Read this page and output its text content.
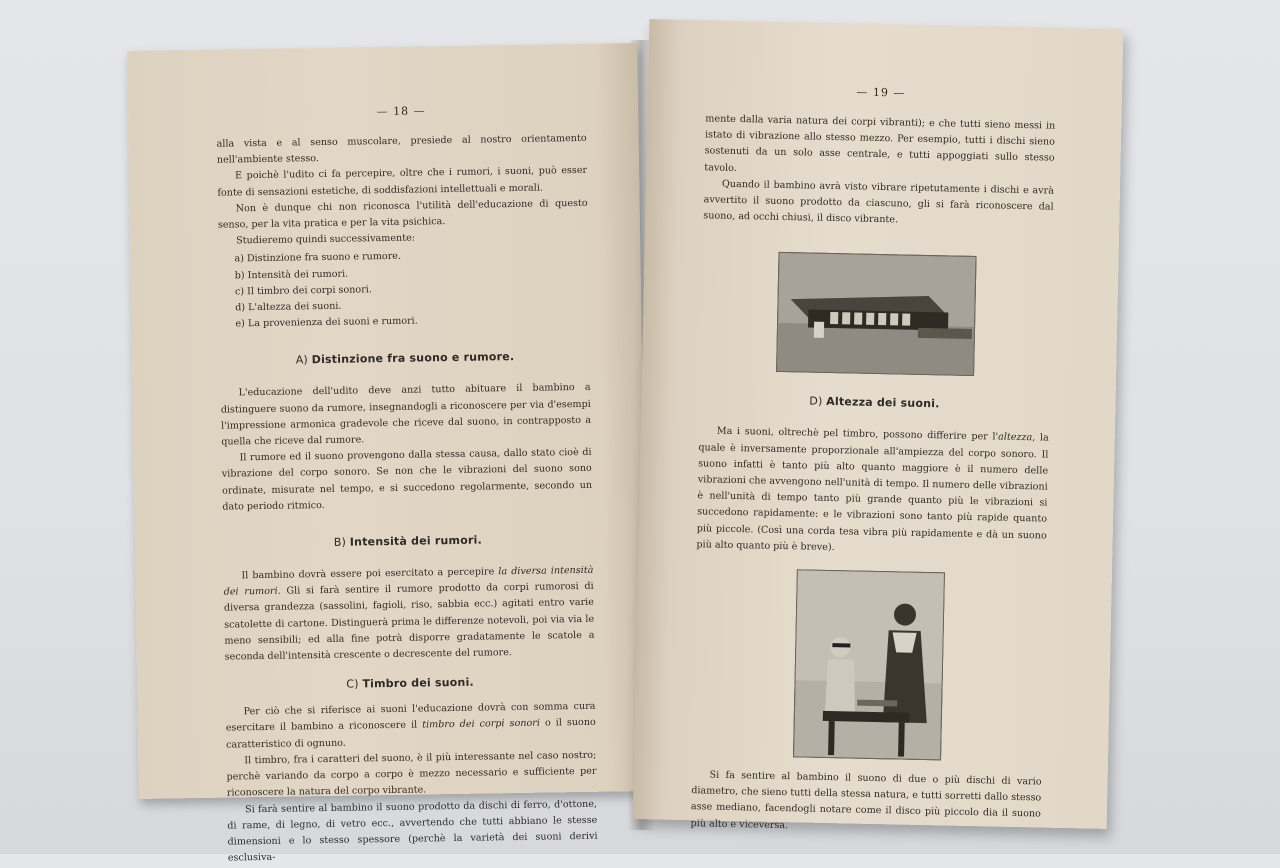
— 18 —

alla vista e al senso muscolare, presiede al nostro orientamento nell'ambiente stesso.

E poichè l'udito ci fa percepire, oltre che i rumori, i suoni, può esser fonte di sensazioni estetiche, di soddisfazioni intellettuali e morali.

Non è dunque chi non riconosca l'utilità dell'educazione di questo senso, per la vita pratica e per la vita psichica.

Studieremo quindi successivamente:

a) Distinzione fra suono e rumore.
b) Intensità dei rumori.
c) Il timbro dei corpi sonori.
d) L'altezza dei suoni.
e) La provenienza dei suoni e rumori.
A) Distinzione fra suono e rumore.

L'educazione dell'udito deve anzi tutto abituare il bambino a distinguere suono da rumore, insegnandogli a riconoscere per via d'esempi l'impressione armonica gradevole che riceve dal suono, in contrapposto a quella che riceve dal rumore.

Il rumore ed il suono provengono dalla stessa causa, dallo stato cioè di vibrazione del corpo sonoro. Se non che le vibrazioni del suono sono ordinate, misurate nel tempo, e si succedono regolarmente, secondo un dato periodo ritmico.

B) Intensità dei rumori.

Il bambino dovrà essere poi esercitato a percepire la diversa intensità dei rumori. Gli si farà sentire il rumore prodotto da corpi rumorosi di diversa grandezza (sassolini, fagioli, riso, sabbia ecc.) agitati entro varie scatolette di cartone. Distinguerà prima le differenze notevoli, poi via via le meno sensibili; ed alla fine potrà disporre gradatamente le scatole a seconda dell'intensità crescente o decrescente del rumore.

C) Timbro dei suoni.

Per ciò che si riferisce ai suoni l'educazione dovrà con somma cura esercitare il bambino a riconoscere il timbro dei corpi sonori o il suono caratteristico di ognuno.

Il timbro, fra i caratteri del suono, è il più interessante nel caso nostro; perchè variando da corpo a corpo è mezzo necessario e sufficiente per riconoscere la natura del corpo vibrante.

Si farà sentire al bambino il suono prodotto da dischi di ferro, d'ottone, di rame, di legno, di vetro ecc., avvertendo che tutti abbiano le stesse dimensioni e lo stesso spessore (perchè la varietà dei suoni derivi esclusiva-

— 19 —

mente dalla varia natura dei corpi vibranti); e che tutti sieno messi in istato di vibrazione allo stesso mezzo. Per esempio, tutti i dischi sieno sostenuti da un solo asse centrale, e tutti appoggiati sullo stesso tavolo.

Quando il bambino avrà visto vibrare ripetutamente i dischi e avrà avvertito il suono prodotto da ciascuno, gli si farà riconoscere dal suono, ad occhi chiusi, il disco vibrante.

D) Altezza dei suoni.

Ma i suoni, oltrechè pel timbro, possono differire per l'altezza, la quale è inversamente proporzionale all'ampiezza del corpo sonoro. Il suono infatti è tanto più alto quanto maggiore è il numero delle vibrazioni che avvengono nell'unità di tempo. Il numero delle vibrazioni è nell'unità di tempo tanto più grande quanto più le vibrazioni si succedono rapidamente: e le vibrazioni sono tanto più rapide quanto più piccole. (Così una corda tesa vibra più rapidamente e dà un suono più alto quanto più è breve).

Si fa sentire al bambino il suono di due o più dischi di vario diametro, che sieno tutti della stessa natura, e tutti sorretti dallo stesso asse mediano, facendogli notare come il disco più piccolo dia il suono più alto e viceversa.
